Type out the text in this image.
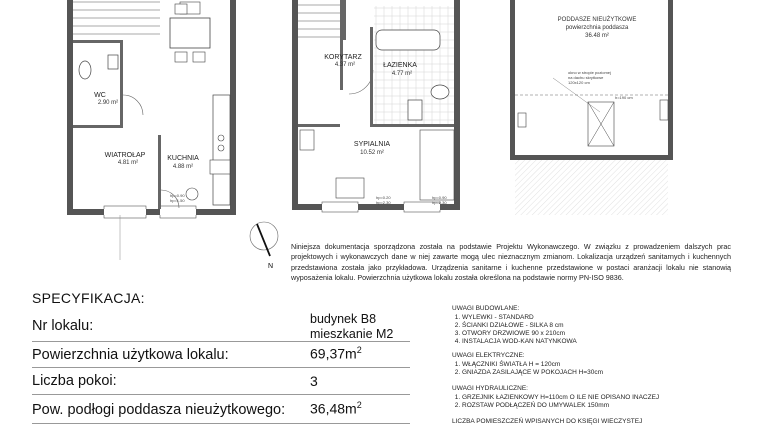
WC
2.90 m²
WIATROŁAP
4.81 m²
KUCHNIA
4.88 m²
hp=0.90
hp=1.50
N
KORYTARZ
4.37 m²	ŁAZIENKA
4.77 m²
SYPIALNIA
10.52 m²
hp=0.20
hp=2.30
hp=0.90
hp=2.30
PODDASZE NIEUŻYTKOWE
powierzchnia poddasza
36.48 m²
okno w stropie poziomej
na dachu skrytkowe
120x120 cm
h=190 cm
Niniejsza dokumentacja sporządzona została na podstawie Projektu Wykonawczego. W związku z prowadzeniem dalszych prac projektowych i wykonawczych dane w niej zawarte mogą ulec nieznacznym zmianom. Lokalizacja urządzeń sanitarnych i kuchennych przedstawiona została jako przykładowa. Urządzenia sanitarne i kuchenne przedstawione w postaci aranżacji lokalu nie stanowią wyposażenia lokalu. Powierzchnia użytkowa lokalu została określona na podstawie normy PN-ISO 9836.
SPECYFIKACJA:
Nr lokalu:	budynek B8
mieszkanie M2
Powierzchnia użytkowa lokalu:	$69,37m^2$
Liczba pokoi:	3
Pow. podłogi poddasza nieużytkowego: $36,48m^2$
UWAGI BUDOWLANE:
1. WYLEWKI - STANDARD
2. ŚCIANKI DZIAŁOWE - SILKA 8 cm
3. OTWORY DRZWIOWE 90 x 210cm
4. INSTALACJA WOD-KAN NATYNKOWA
UWAGI ELEKTRYCZNE:
1. WŁĄCZNIKI ŚWIATŁA H = 120cm
2. GNIAZDA ZASILAJĄCE W POKOJACH H=30cm
UWAGI HYDRAULICZNE:
1. GRZEJNIK ŁAZIENKOWY H=110cm O ILE NIE OPISANO INACZEJ
2. ROZSTAW PODŁĄCZEŃ DO UMYWALEK 150mm
LICZBA POMIESZCZEŃ WPISANYCH DO KSIĘGI WIECZYSTEJ
